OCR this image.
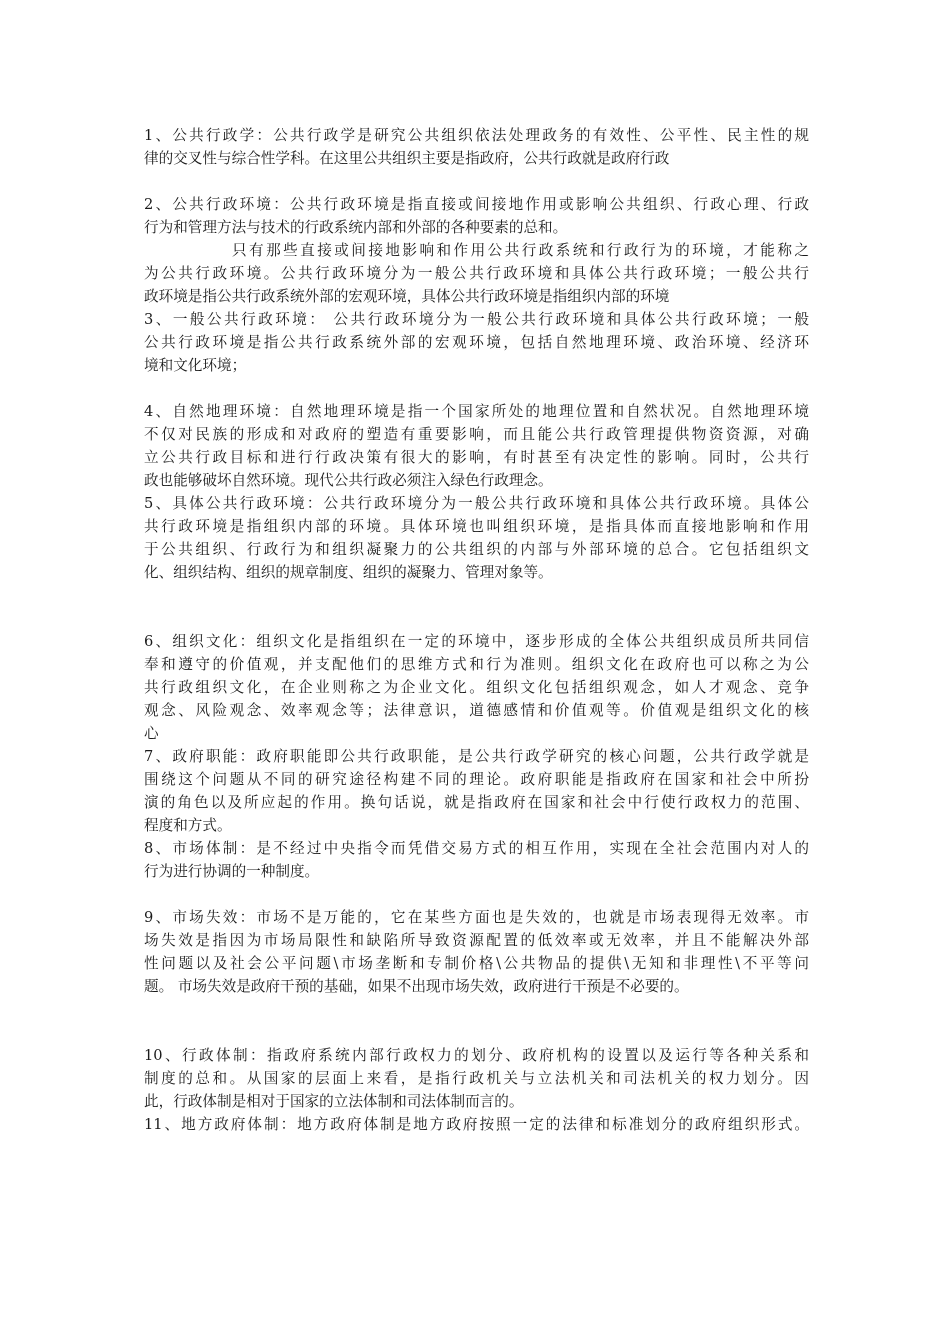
1、公共行政学：公共行政学是研究公共组织依法处理政务的有效性、公平性、民主性的规
律的交叉性与综合性学科。在这里公共组织主要是指政府，公共行政就是政府行政
2、公共行政环境：公共行政环境是指直接或间接地作用或影响公共组织、行政心理、行政
行为和管理方法与技术的行政系统内部和外部的各种要素的总和。
只有那些直接或间接地影响和作用公共行政系统和行政行为的环境，才能称之
为公共行政环境。公共行政环境分为一般公共行政环境和具体公共行政环境；一般公共行
政环境是指公共行政系统外部的宏观环境，具体公共行政环境是指组织内部的环境
3、一般公共行政环境： 公共行政环境分为一般公共行政环境和具体公共行政环境；一般
公共行政环境是指公共行政系统外部的宏观环境，包括自然地理环境、政治环境、经济环
境和文化环境；
4、自然地理环境：自然地理环境是指一个国家所处的地理位置和自然状况。自然地理环境
不仅对民族的形成和对政府的塑造有重要影响，而且能公共行政管理提供物资资源，对确
立公共行政目标和进行行政决策有很大的影响，有时甚至有决定性的影响。同时，公共行
政也能够破坏自然环境。现代公共行政必须注入绿色行政理念。
5、具体公共行政环境：公共行政环境分为一般公共行政环境和具体公共行政环境。具体公
共行政环境是指组织内部的环境。具体环境也叫组织环境，是指具体而直接地影响和作用
于公共组织、行政行为和组织凝聚力的公共组织的内部与外部环境的总合。它包括组织文
化、组织结构、组织的规章制度、组织的凝聚力、管理对象等。
6、组织文化：组织文化是指组织在一定的环境中，逐步形成的全体公共组织成员所共同信
奉和遵守的价值观，并支配他们的思维方式和行为准则。组织文化在政府也可以称之为公
共行政组织文化，在企业则称之为企业文化。组织文化包括组织观念，如人才观念、竞争
观念、风险观念、效率观念等；法律意识，道德感情和价值观等。价值观是组织文化的核
心
7、政府职能：政府职能即公共行政职能，是公共行政学研究的核心问题，公共行政学就是
围绕这个问题从不同的研究途径构建不同的理论。政府职能是指政府在国家和社会中所扮
演的角色以及所应起的作用。换句话说，就是指政府在国家和社会中行使行政权力的范围、
程度和方式。
8、市场体制：是不经过中央指令而凭借交易方式的相互作用，实现在全社会范围内对人的
行为进行协调的一种制度。
9、市场失效：市场不是万能的，它在某些方面也是失效的，也就是市场表现得无效率。市
场失效是指因为市场局限性和缺陷所导致资源配置的低效率或无效率，并且不能解决外部
性问题以及社会公平问题\市场垄断和专制价格\公共物品的提供\无知和非理性\不平等问
题。 市场失效是政府干预的基础，如果不出现市场失效，政府进行干预是不必要的。
10、行政体制：指政府系统内部行政权力的划分、政府机构的设置以及运行等各种关系和
制度的总和。从国家的层面上来看，是指行政机关与立法机关和司法机关的权力划分。因
此，行政体制是相对于国家的立法体制和司法体制而言的。
11、地方政府体制：地方政府体制是地方政府按照一定的法律和标准划分的政府组织形式。
